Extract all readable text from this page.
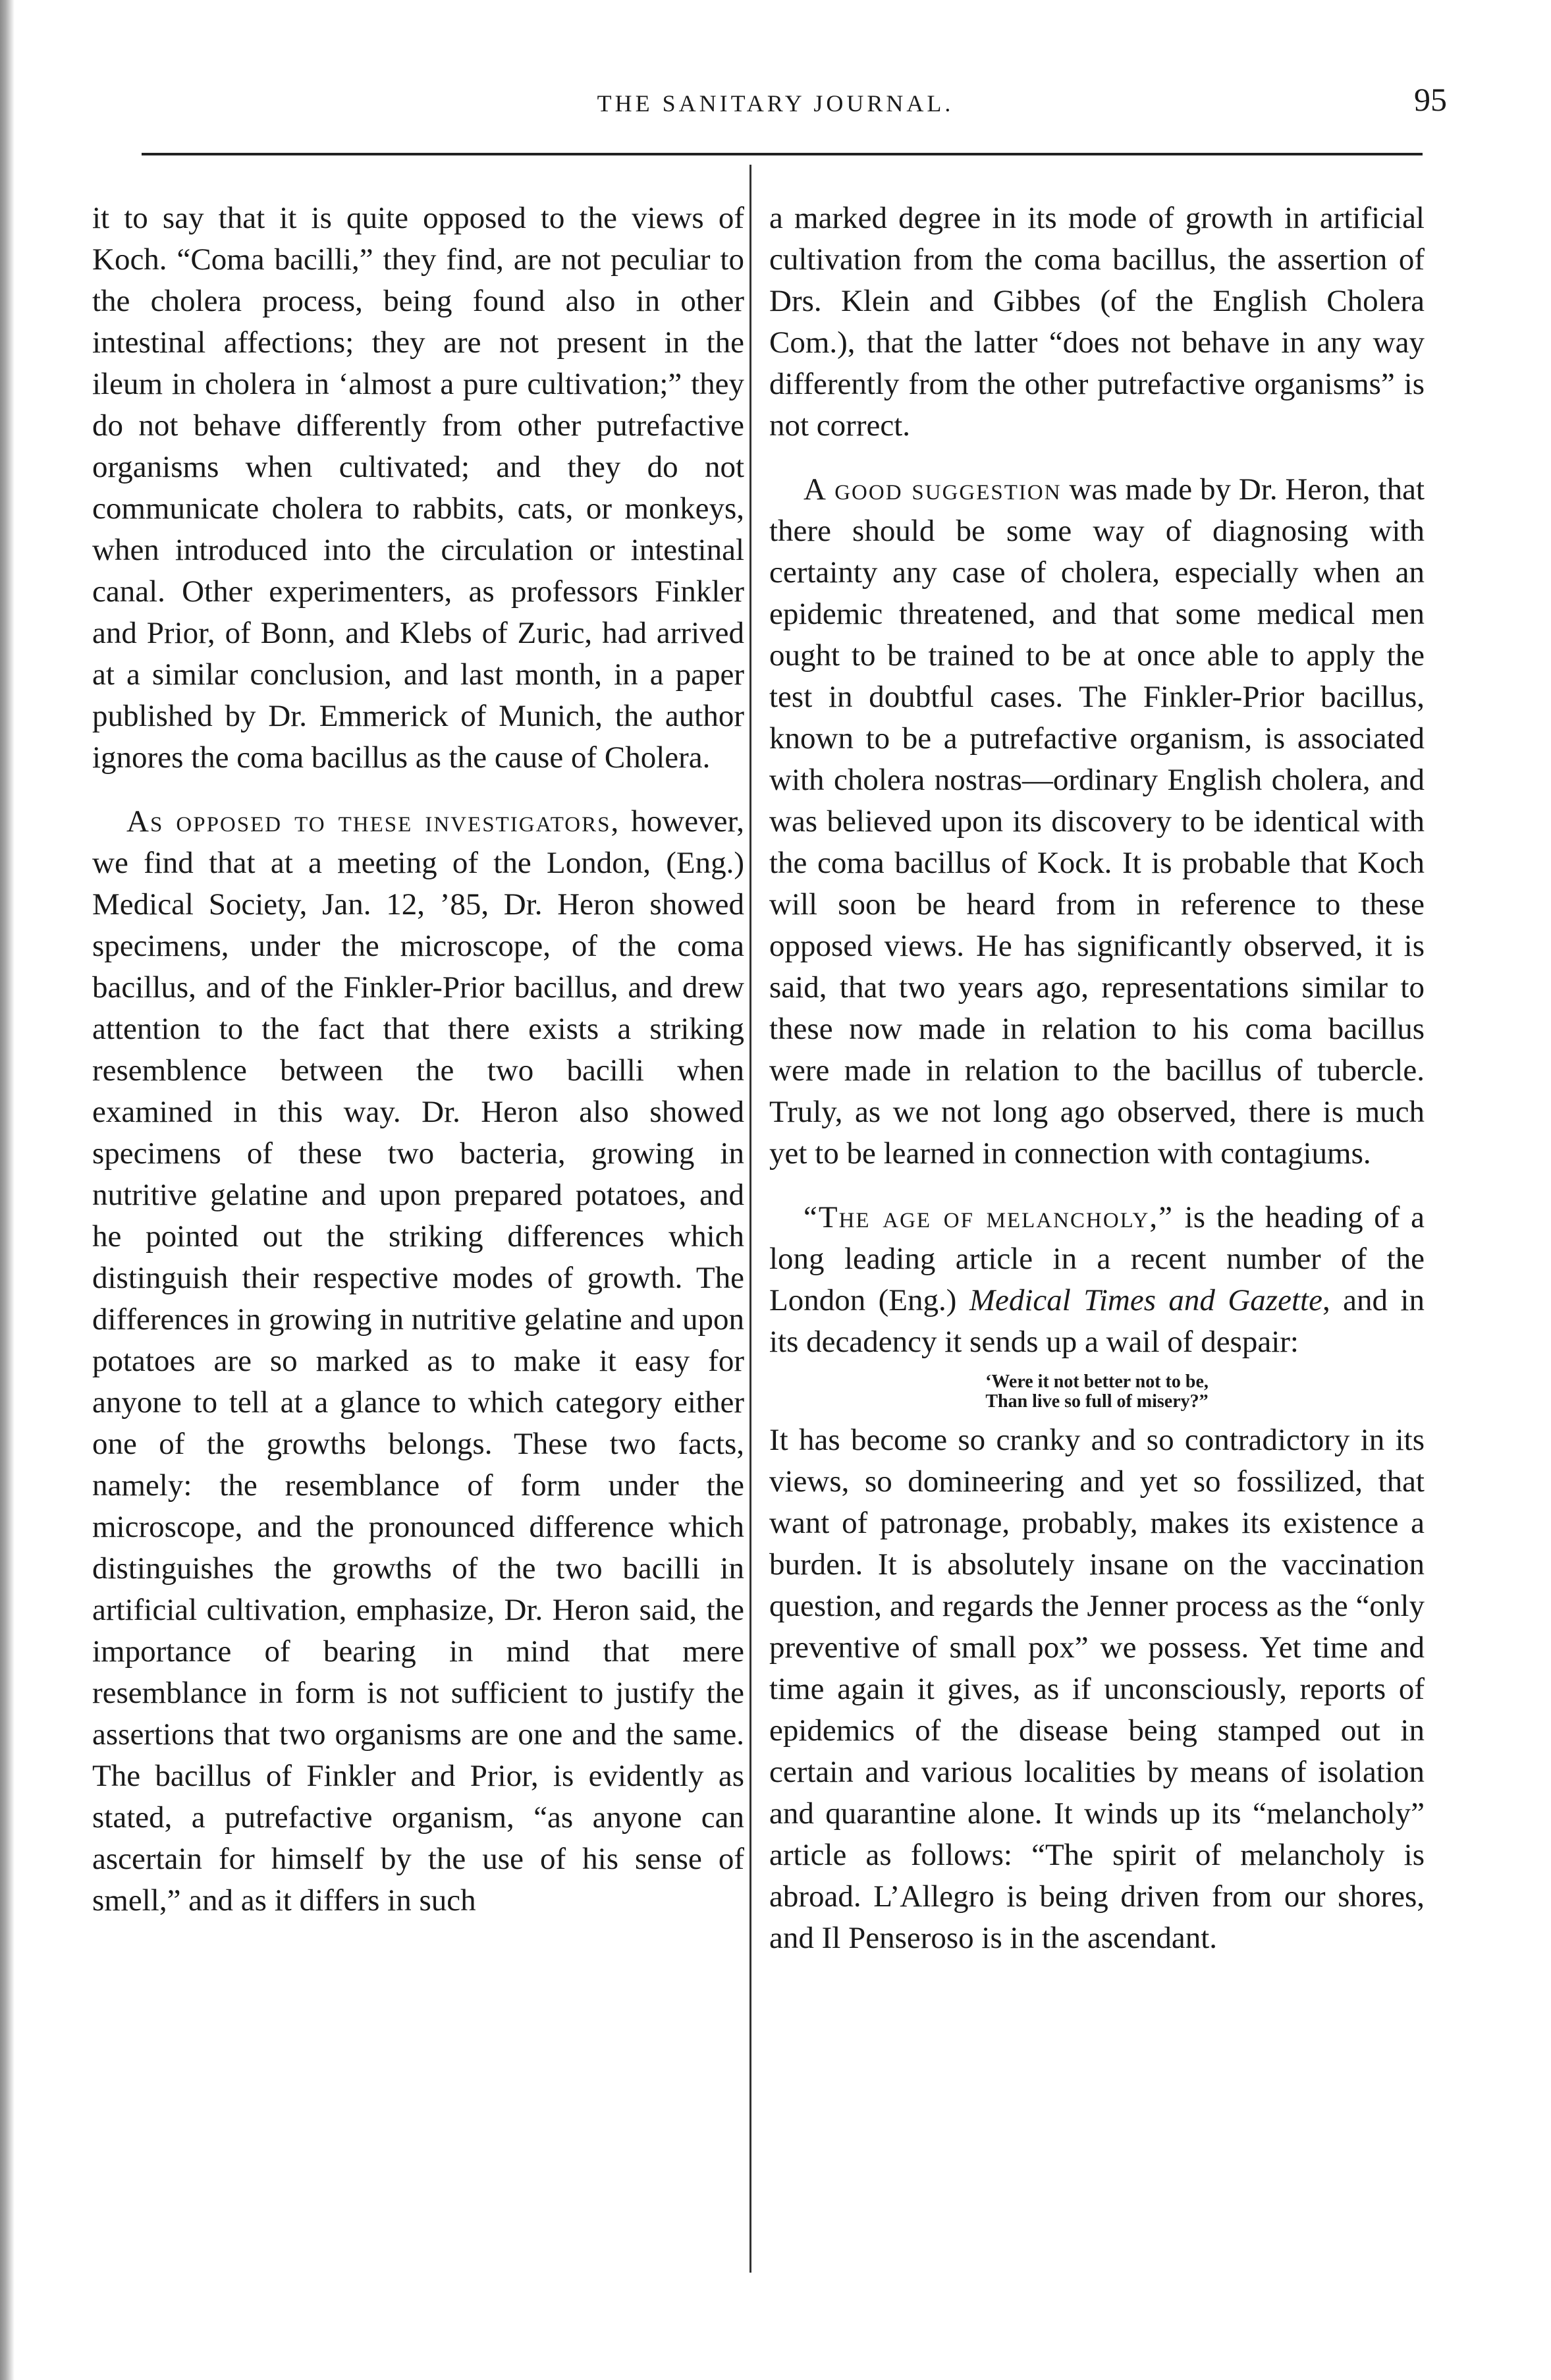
THE SANITARY JOURNAL.	95

it to say that it is quite opposed to the views of Koch. “Coma bacilli,” they find, are not peculiar to the cholera process, being found also in other intestinal affections; they are not present in the ileum in cholera in ‘almost a pure cultivation;” they do not behave differently from other putrefactive organisms when cultivated; and they do not communicate cholera to rabbits, cats, or monkeys, when introduced into the circulation or intestinal canal. Other experimenters, as professors Finkler and Prior, of Bonn, and Klebs of Zuric, had arrived at a similar conclusion, and last month, in a paper published by Dr. Emmerick of Munich, the author ignores the coma bacillus as the cause of Cholera.

As opposed to these investigators, however, we find that at a meeting of the London, (Eng.) Medical Society, Jan. 12, ’85, Dr. Heron showed specimens, under the microscope, of the coma bacillus, and of the Finkler-Prior bacillus, and drew attention to the fact that there exists a striking resemblence between the two bacilli when examined in this way. Dr. Heron also showed specimens of these two bacteria, growing in nutritive gelatine and upon prepared potatoes, and he pointed out the striking differences which distinguish their respective modes of growth. The differences in growing in nutritive gelatine and upon potatoes are so marked as to make it easy for anyone to tell at a glance to which category either one of the growths belongs. These two facts, namely: the resemblance of form under the microscope, and the pronounced difference which distinguishes the growths of the two bacilli in artificial cultivation, emphasize, Dr. Heron said, the importance of bearing in mind that mere resemblance in form is not sufficient to justify the assertions that two organisms are one and the same. The bacillus of Finkler and Prior, is evidently as stated, a putrefactive organism, “as anyone can ascertain for himself by the use of his sense of smell,” and as it differs in such

a marked degree in its mode of growth in artificial cultivation from the coma bacillus, the assertion of Drs. Klein and Gibbes (of the English Cholera Com.), that the latter “does not behave in any way differently from the other putrefactive organisms” is not correct.

A good suggestion was made by Dr. Heron, that there should be some way of diagnosing with certainty any case of cholera, especially when an epidemic threatened, and that some medical men ought to be trained to be at once able to apply the test in doubtful cases. The Finkler-Prior bacillus, known to be a putrefactive organism, is associated with cholera nostras—ordinary English cholera, and was believed upon its discovery to be identical with the coma bacillus of Kock. It is probable that Koch will soon be heard from in reference to these opposed views. He has significantly observed, it is said, that two years ago, representations similar to these now made in relation to his coma bacillus were made in relation to the bacillus of tubercle. Truly, as we not long ago observed, there is much yet to be learned in connection with contagiums.

“The age of melancholy,” is the heading of a long leading article in a recent number of the London (Eng.) Medical Times and Gazette, and in its decadency it sends up a wail of despair:

‘Were it not better not to be,
Than live so full of misery?”

It has become so cranky and so contradictory in its views, so domineering and yet so fossilized, that want of patronage, probably, makes its existence a burden. It is absolutely insane on the vaccination question, and regards the Jenner process as the “only preventive of small pox” we possess. Yet time and time again it gives, as if unconsciously, reports of epidemics of the disease being stamped out in certain and various localities by means of isolation and quarantine alone. It winds up its “melancholy” article as follows: “The spirit of melancholy is abroad. L’Allegro is being driven from our shores, and Il Penseroso is in the ascendant.
